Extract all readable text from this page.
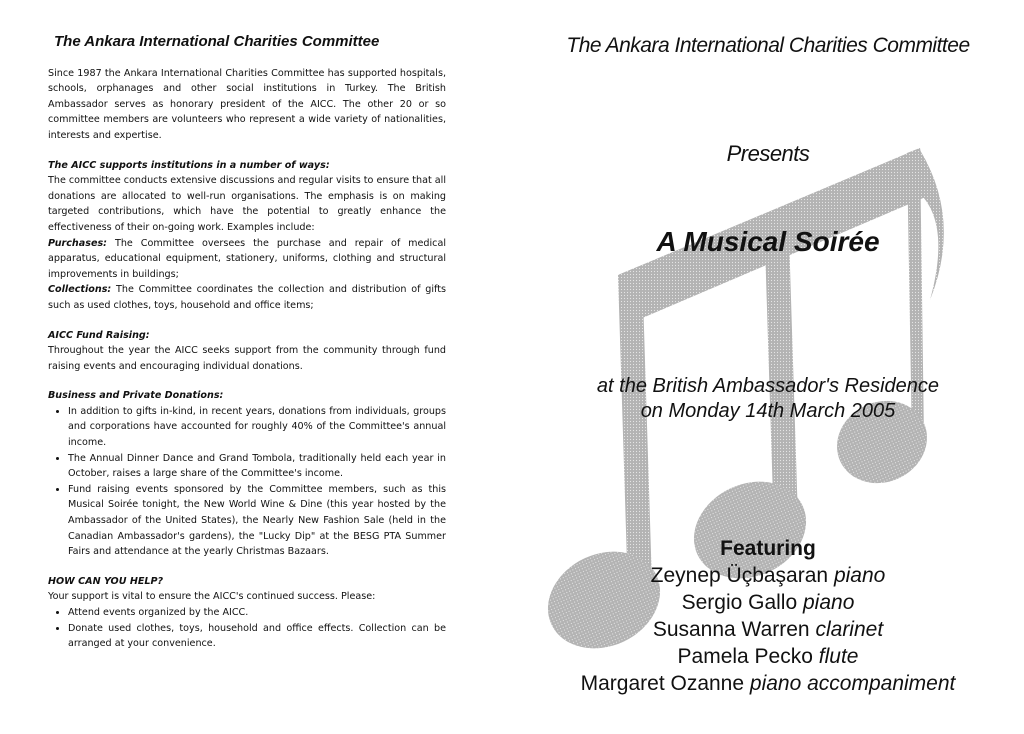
The Ankara International Charities Committee

Since 1987 the Ankara International Charities Committee has supported hospitals, schools, orphanages and other social institutions in Turkey. The British Ambassador serves as honorary president of the AICC. The other 20 or so committee members are volunteers who represent a wide variety of nationalities, interests and expertise.

The AICC supports institutions in a number of ways:

The committee conducts extensive discussions and regular visits to ensure that all donations are allocated to well-run organisations. The emphasis is on making targeted contributions, which have the potential to greatly enhance the effectiveness of their on-going work. Examples include:

Purchases: The Committee oversees the purchase and repair of medical apparatus, educational equipment, stationery, uniforms, clothing and structural improvements in buildings;

Collections: The Committee coordinates the collection and distribution of gifts such as used clothes, toys, household and office items;

AICC Fund Raising:

Throughout the year the AICC seeks support from the community through fund raising events and encouraging individual donations.

Business and Private Donations:

• In addition to gifts in-kind, in recent years, donations from individuals, groups and corporations have accounted for roughly 40% of the Committee's annual income.
• The Annual Dinner Dance and Grand Tombola, traditionally held each year in October, raises a large share of the Committee's income.
• Fund raising events sponsored by the Committee members, such as this Musical Soirée tonight, the New World Wine & Dine (this year hosted by the Ambassador of the United States), the Nearly New Fashion Sale (held in the Canadian Ambassador's gardens), the "Lucky Dip" at the BESG PTA Summer Fairs and attendance at the yearly Christmas Bazaars.

HOW CAN YOU HELP?

Your support is vital to ensure the AICC's continued success. Please:

• Attend events organized by the AICC.
• Donate used clothes, toys, household and office effects. Collection can be arranged at your convenience.
The Ankara International Charities Committee
Presents
A Musical Soirée
at the British Ambassador's Residence
on Monday 14th March 2005
Featuring
Zeynep Üçbaşaran piano
Sergio Gallo piano
Susanna Warren clarinet
Pamela Pecko flute
Margaret Ozanne piano accompaniment
